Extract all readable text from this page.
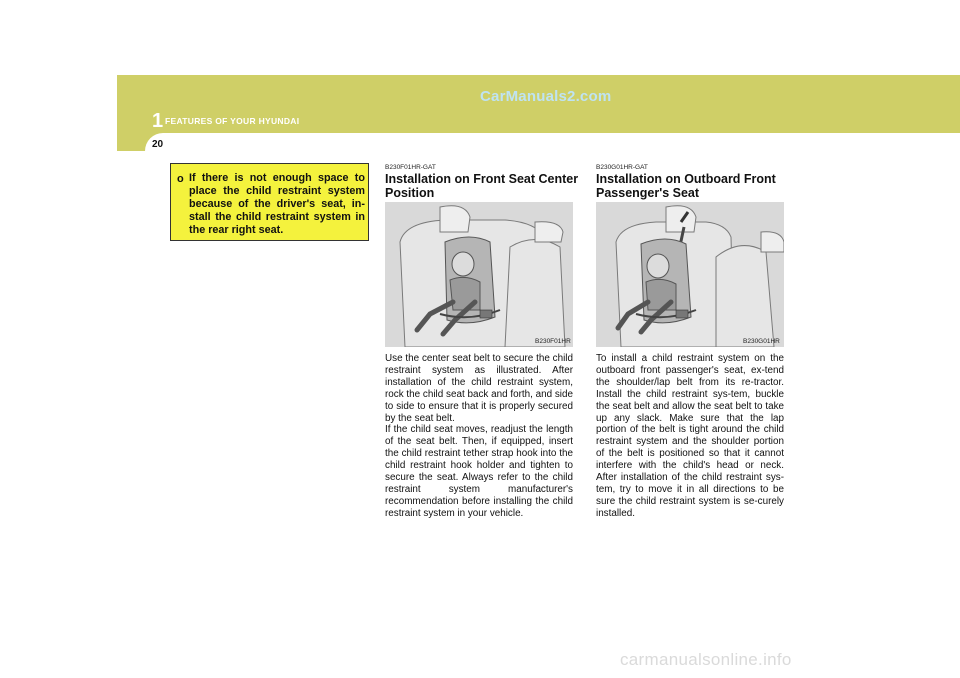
1 FEATURES OF YOUR HYUNDAI
CarManuals2.com
20
o If there is not enough space to place the child restraint system because of the driver's seat, in-stall the child restraint system in the rear right seat.
B230F01HR-GAT
Installation on Front Seat Center Position
B230F01HR

Use the center seat belt to secure the child restraint system as illustrated. After installation of the child restraint system, rock the child seat back and forth, and side to side to ensure that it is properly secured by the seat belt.

If the child seat moves, readjust the length of the seat belt. Then, if equipped, insert the child restraint tether strap hook into the child restraint hook holder and tighten to secure the seat. Always refer to the child restraint system manufacturer's recommendation before installing the child restraint system in your vehicle.

B230G01HR-GAT
Installation on Outboard Front Passenger's Seat
B230G01HR

To install a child restraint system on the outboard front passenger's seat, ex-tend the shoulder/lap belt from its re-tractor. Install the child restraint sys-tem, buckle the seat belt and allow the seat belt to take up any slack. Make sure that the lap portion of the belt is tight around the child restraint system and the shoulder portion of the belt is positioned so that it cannot interfere with the child's head or neck. After installation of the child restraint sys-tem, try to move it in all directions to be sure the child restraint system is se-curely installed.

carmanualsonline.info
